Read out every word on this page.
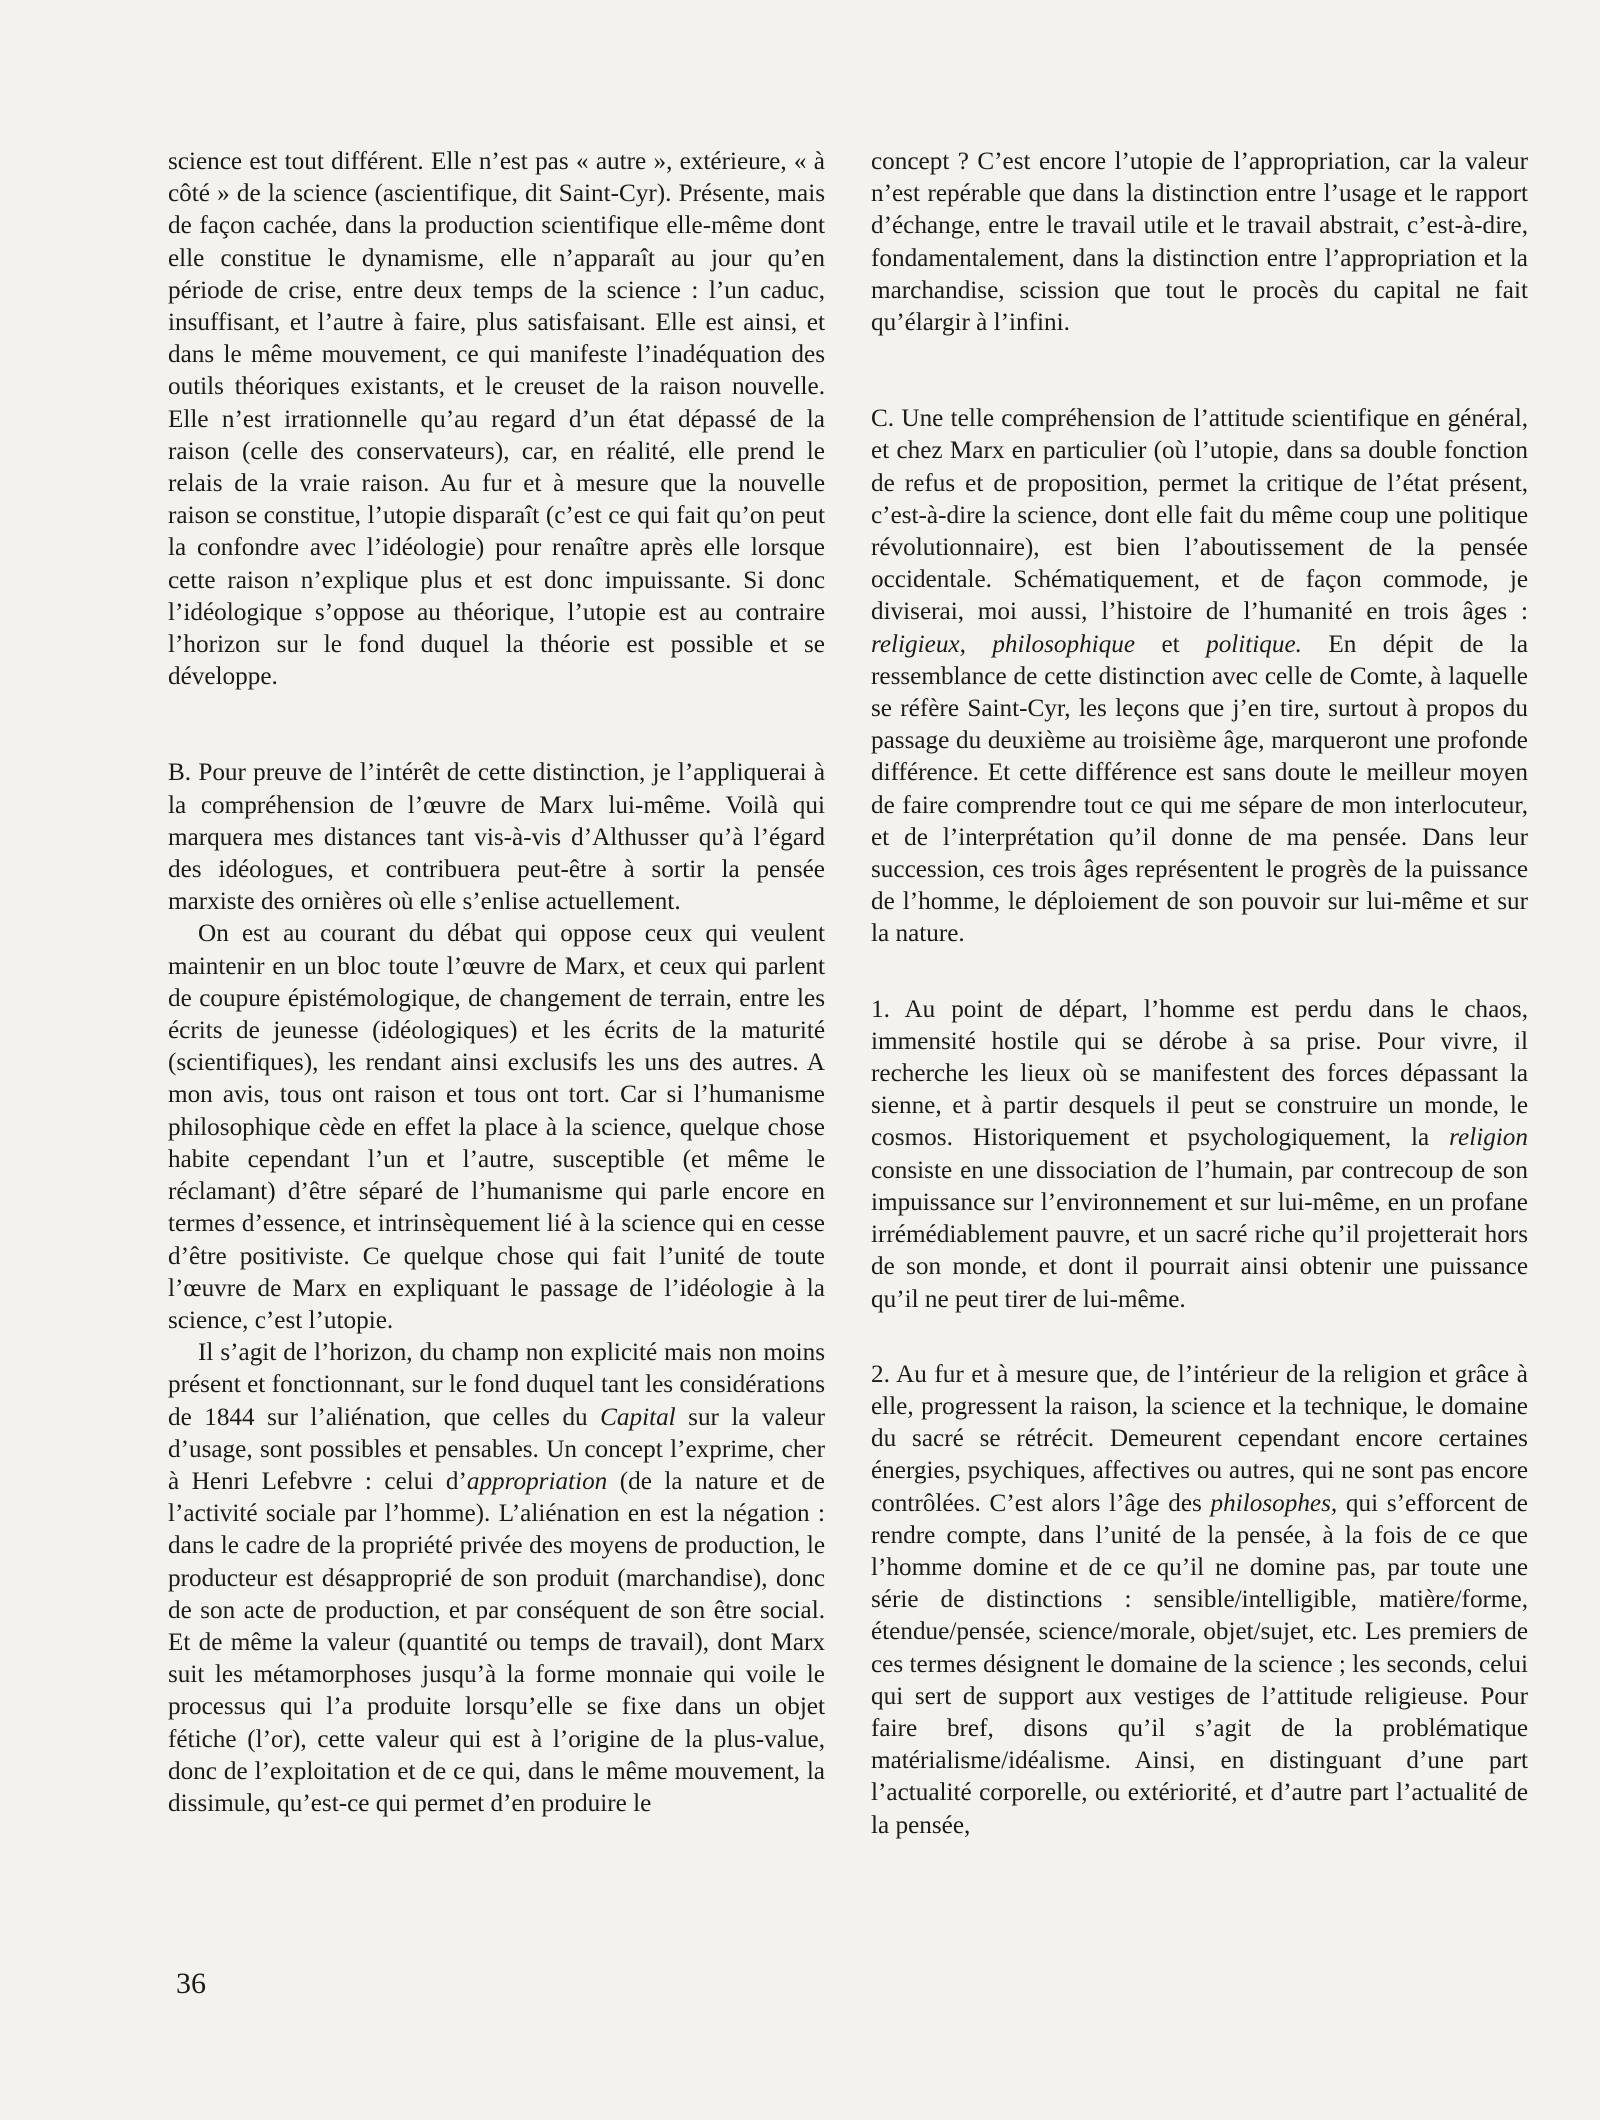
science est tout différent. Elle n’est pas « autre », extérieure, « à côté » de la science (ascientifique, dit Saint-Cyr). Présente, mais de façon cachée, dans la production scientifique elle-même dont elle constitue le dynamisme, elle n’apparaît au jour qu’en période de crise, entre deux temps de la science : l’un caduc, insuffisant, et l’autre à faire, plus satisfaisant. Elle est ainsi, et dans le même mouvement, ce qui manifeste l’inadéquation des outils théoriques existants, et le creuset de la raison nouvelle. Elle n’est irrationnelle qu’au regard d’un état dépassé de la raison (celle des conservateurs), car, en réalité, elle prend le relais de la vraie raison. Au fur et à mesure que la nouvelle raison se constitue, l’utopie disparaît (c’est ce qui fait qu’on peut la confondre avec l’idéologie) pour renaître après elle lorsque cette raison n’explique plus et est donc impuissante. Si donc l’idéologique s’oppose au théorique, l’utopie est au contraire l’horizon sur le fond duquel la théorie est possible et se développe.

B. Pour preuve de l’intérêt de cette distinction, je l’appliquerai à la compréhension de l’œuvre de Marx lui-même. Voilà qui marquera mes distances tant vis-à-vis d’Althusser qu’à l’égard des idéologues, et contribuera peut-être à sortir la pensée marxiste des ornières où elle s’enlise actuellement.

On est au courant du débat qui oppose ceux qui veulent maintenir en un bloc toute l’œuvre de Marx, et ceux qui parlent de coupure épistémologique, de changement de terrain, entre les écrits de jeunesse (idéologiques) et les écrits de la maturité (scientifiques), les rendant ainsi exclusifs les uns des autres. A mon avis, tous ont raison et tous ont tort. Car si l’humanisme philosophique cède en effet la place à la science, quelque chose habite cependant l’un et l’autre, susceptible (et même le réclamant) d’être séparé de l’humanisme qui parle encore en termes d’essence, et intrinsèquement lié à la science qui en cesse d’être positiviste. Ce quelque chose qui fait l’unité de toute l’œuvre de Marx en expliquant le passage de l’idéologie à la science, c’est l’utopie.

Il s’agit de l’horizon, du champ non explicité mais non moins présent et fonctionnant, sur le fond duquel tant les considérations de 1844 sur l’aliénation, que celles du Capital sur la valeur d’usage, sont possibles et pensables. Un concept l’exprime, cher à Henri Lefebvre : celui d’appropriation (de la nature et de l’activité sociale par l’homme). L’aliénation en est la négation : dans le cadre de la propriété privée des moyens de production, le producteur est désapproprié de son produit (marchandise), donc de son acte de production, et par conséquent de son être social. Et de même la valeur (quantité ou temps de travail), dont Marx suit les métamorphoses jusqu’à la forme monnaie qui voile le processus qui l’a produite lorsqu’elle se fixe dans un objet fétiche (l’or), cette valeur qui est à l’origine de la plus-value, donc de l’exploitation et de ce qui, dans le même mouvement, la dissimule, qu’est-ce qui permet d’en produire le

concept ? C’est encore l’utopie de l’appropriation, car la valeur n’est repérable que dans la distinction entre l’usage et le rapport d’échange, entre le travail utile et le travail abstrait, c’est-à-dire, fondamentalement, dans la distinction entre l’appropriation et la marchandise, scission que tout le procès du capital ne fait qu’élargir à l’infini.

C. Une telle compréhension de l’attitude scientifique en général, et chez Marx en particulier (où l’utopie, dans sa double fonction de refus et de proposition, permet la critique de l’état présent, c’est-à-dire la science, dont elle fait du même coup une politique révolutionnaire), est bien l’aboutissement de la pensée occidentale. Schématiquement, et de façon commode, je diviserai, moi aussi, l’histoire de l’humanité en trois âges : religieux, philosophique et politique. En dépit de la ressemblance de cette distinction avec celle de Comte, à laquelle se réfère Saint-Cyr, les leçons que j’en tire, surtout à propos du passage du deuxième au troisième âge, marqueront une profonde différence. Et cette différence est sans doute le meilleur moyen de faire comprendre tout ce qui me sépare de mon interlocuteur, et de l’interprétation qu’il donne de ma pensée. Dans leur succession, ces trois âges représentent le progrès de la puissance de l’homme, le déploiement de son pouvoir sur lui-même et sur la nature.

1. Au point de départ, l’homme est perdu dans le chaos, immensité hostile qui se dérobe à sa prise. Pour vivre, il recherche les lieux où se manifestent des forces dépassant la sienne, et à partir desquels il peut se construire un monde, le cosmos. Historiquement et psychologiquement, la religion consiste en une dissociation de l’humain, par contrecoup de son impuissance sur l’environnement et sur lui-même, en un profane irrémédiablement pauvre, et un sacré riche qu’il projetterait hors de son monde, et dont il pourrait ainsi obtenir une puissance qu’il ne peut tirer de lui-même.

2. Au fur et à mesure que, de l’intérieur de la religion et grâce à elle, progressent la raison, la science et la technique, le domaine du sacré se rétrécit. Demeurent cependant encore certaines énergies, psychiques, affectives ou autres, qui ne sont pas encore contrôlées. C’est alors l’âge des philosophes, qui s’efforcent de rendre compte, dans l’unité de la pensée, à la fois de ce que l’homme domine et de ce qu’il ne domine pas, par toute une série de distinctions : sensible/intelligible, matière/forme, étendue/pensée, science/morale, objet/sujet, etc. Les premiers de ces termes désignent le domaine de la science ; les seconds, celui qui sert de support aux vestiges de l’attitude religieuse. Pour faire bref, disons qu’il s’agit de la problématique matérialisme/idéalisme. Ainsi, en distinguant d’une part l’actualité corporelle, ou extériorité, et d’autre part l’actualité de la pensée,

36
